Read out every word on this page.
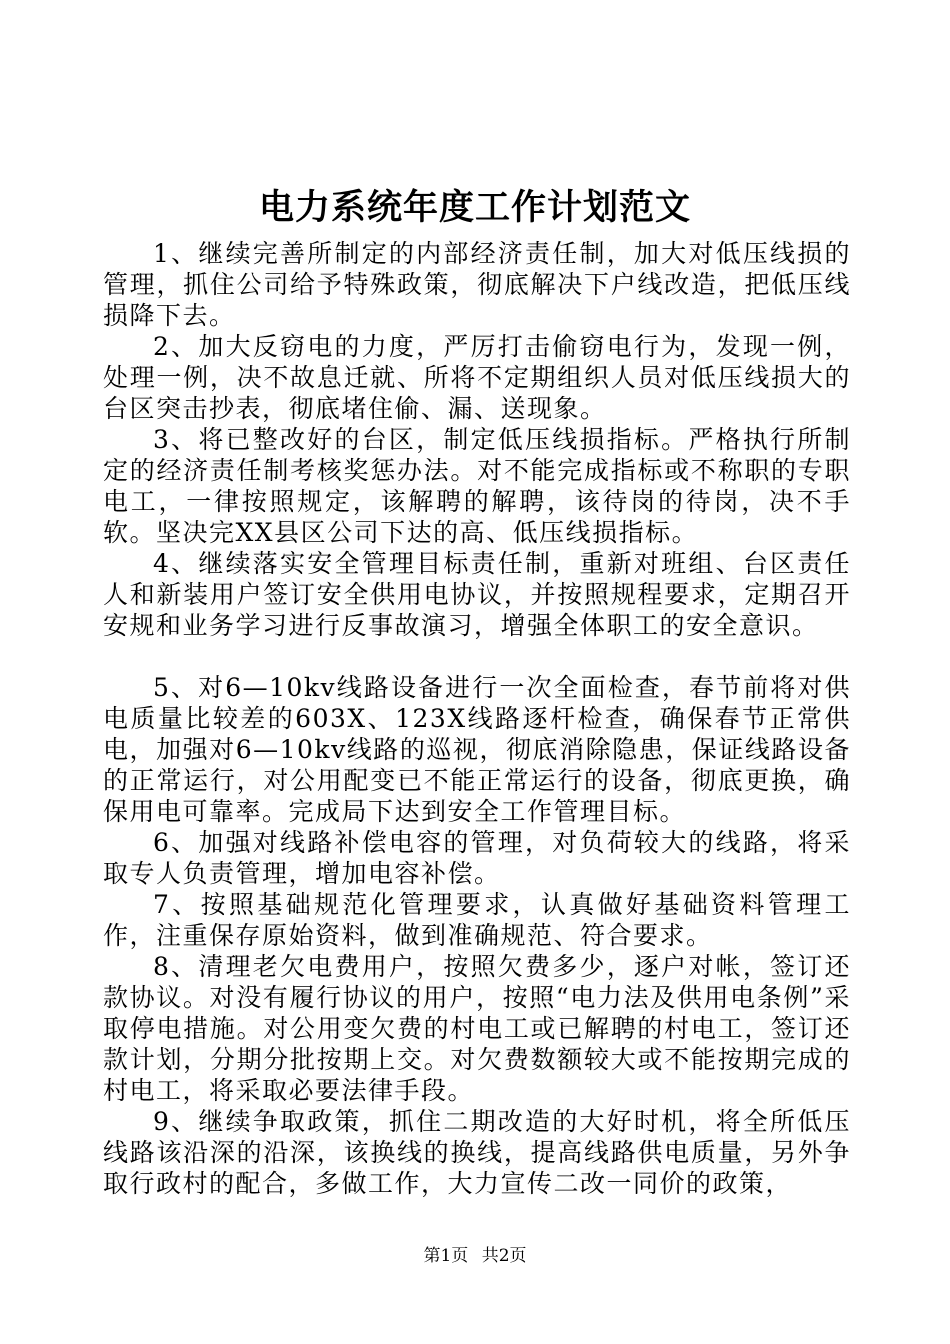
电力系统年度工作计划范文

1、继续完善所制定的内部经济责任制，加大对低压线损的管理，抓住公司给予特殊政策，彻底解决下户线改造，把低压线损降下去。

2、加大反窃电的力度，严厉打击偷窃电行为，发现一例，处理一例，决不故息迁就、所将不定期组织人员对低压线损大的台区突击抄表，彻底堵住偷、漏、送现象。

3、将已整改好的台区，制定低压线损指标。严格执行所制定的经济责任制考核奖惩办法。对不能完成指标或不称职的专职电工，一律按照规定，该解聘的解聘，该待岗的待岗，决不手软。坚决完XX县区公司下达的高、低压线损指标。

4、继续落实安全管理目标责任制，重新对班组、台区责任人和新装用户签订安全供用电协议，并按照规程要求，定期召开安规和业务学习进行反事故演习，增强全体职工的安全意识。

5、对6—10kv线路设备进行一次全面检查，春节前将对供电质量比较差的603X、123X线路逐杆检查，确保春节正常供电，加强对6—10kv线路的巡视，彻底消除隐患，保证线路设备的正常运行，对公用配变已不能正常运行的设备，彻底更换，确保用电可靠率。完成局下达到安全工作管理目标。

6、加强对线路补偿电容的管理，对负荷较大的线路，将采取专人负责管理，增加电容补偿。

7、按照基础规范化管理要求，认真做好基础资料管理工作，注重保存原始资料，做到准确规范、符合要求。

8、清理老欠电费用户，按照欠费多少，逐户对帐，签订还款协议。对没有履行协议的用户，按照“电力法及供用电条例”采取停电措施。对公用变欠费的村电工或已解聘的村电工，签订还款计划，分期分批按期上交。对欠费数额较大或不能按期完成的村电工，将采取必要法律手段。

9、继续争取政策，抓住二期改造的大好时机，将全所低压线路该沿深的沿深，该换线的换线，提高线路供电质量，另外争取行政村的配合，多做工作，大力宣传二改一同价的政策，

第1页 共2页
